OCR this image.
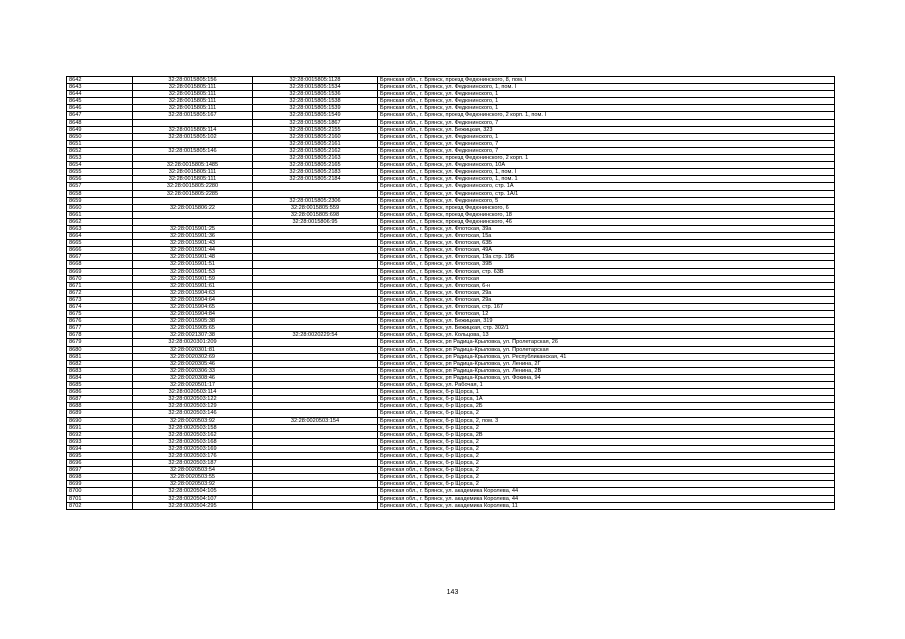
8642	32:28:0015805:156	32:28:0015805:1128	Брянская обл., г. Брянск, проезд Федюнинского, 8, пом. I
8643	32:28:0015805:111	32:28:0015805:1534	Брянская обл., г. Брянск, ул. Федюнинского, 1, пом. I
8644	32:28:0015805:111	32:28:0015805:1536	Брянская обл., г. Брянск, ул. Федюнинского, 1
8645	32:28:0015805:111	32:28:0015805:1538	Брянская обл., г. Брянск, ул. Федюнинского, 1
8646	32:28:0015805:111	32:28:0015805:1539	Брянская обл., г. Брянск, ул. Федюнинского, 1
8647	32:28:0015805:167	32:28:0015805:1549	Брянская обл., г. Брянск, проезд Федюнинского, 2 корп. 1, пом. I
8648		32:28:0015805:1867	Брянская обл., г. Брянск, ул. Федюнинского, 7
8649	32:28:0015805:114	32:28:0015805:2155	Брянская обл., г. Брянск, ул. Бежицкая, 323
8650	32:28:0015805:102	32:28:0015805:2160	Брянская обл., г. Брянск, ул. Федюнинского, 1
8651		32:28:0015805:2161	Брянская обл., г. Брянск, ул. Федюнинского, 7
8652	32:28:0015805:146	32:28:0015805:2162	Брянская обл., г. Брянск, ул. Федюнинского, 7
8653		32:28:0015805:2163	Брянская обл., г. Брянск, проезд Федюнинского, 2 корп. 1
8654	32:28:0015805:1485	32:28:0015805:2165	Брянская обл., г. Брянск, ул. Федюнинского, 10А
8655	32:28:0015805:111	32:28:0015805:2183	Брянская обл., г. Брянск, ул. Федюнинского, 1, пом. I
8656	32:28:0015805:111	32:28:0015805:2184	Брянская обл., г. Брянск, ул. Федюнинского, 1, пом. 1
8657	32:28:0015805:2280		Брянская обл., г. Брянск, ул. Федюнинского, стр. 1А
8658	32:28:0015805:2285		Брянская обл., г. Брянск, ул. Федюнинского, стр. 1А/1
8659		32:28:0015805:2306	Брянская обл., г. Брянск, ул. Федюнинского, 5
8660	32:28:0015806:22	32:28:0015805:559	Брянская обл., г. Брянск, проезд Федюнинского, 6
8661		32:28:0015805:698	Брянская обл., г. Брянск, проезд Федюнинского, 18
8662		32:28:0015806:95	Брянская обл., г. Брянск, проезд Федюнинского, 46
8663	32:28:0015901:25		Брянская обл., г. Брянск, ул. Флотская, 39а
8664	32:28:0015901:36		Брянская обл., г. Брянск, ул. Флотская, 15а
8665	32:28:0015901:43		Брянская обл., г. Брянск, ул. Флотская, 63Б
8666	32:28:0015901:44		Брянская обл., г. Брянск, ул. Флотская, 49А
8667	32:28:0015901:48		Брянская обл., г. Брянск, ул. Флотская, 19а стр. 19Б
8668	32:28:0015901:51		Брянская обл., г. Брянск, ул. Флотская, 39В
8669	32:28:0015901:53		Брянская обл., г. Брянск, ул. Флотская, стр. 63В
8670	32:28:0015901:59		Брянская обл., г. Брянск, ул. Флотская
8671	32:28:0015901:61		Брянская обл., г. Брянск, ул. Флотская, 6-н
8672	32:28:0015904:63		Брянская обл., г. Брянск, ул. Флотская, 29а
8673	32:28:0015904:64		Брянская обл., г. Брянск, ул. Флотская, 29а
8674	32:28:0015904:65		Брянская обл., г. Брянск, ул. Флотская, стр. 167
8675	32:28:0015904:84		Брянская обл., г. Брянск, ул. Флотская, 12
8676	32:28:0015905:38		Брянская обл., г. Брянск, ул. Бежицкая, 319
8677	32:28:0015905:65		Брянская обл., г. Брянск, ул. Бежицкая, стр. 302/1
8678	32:28:0021307:38	32:28:0020229:54	Брянская обл., г. Брянск, ул. Кольцова, 13
8679	32:28:0020301:209		Брянская обл., г. Брянск, рп Радица-Крыловка, ул. Пролетарская, 26
8680	32:28:0020301:81		Брянская обл., г. Брянск, рп Радица-Крыловка, ул. Пролетарская
8681	32:28:0020302:69		Брянская обл., г. Брянск, рп Радица-Крыловка, ул. Республиканская, 41
8682	32:28:0020305:46		Брянская обл., г. Брянск, рп Радица-Крыловка, ул. Ленина, 2Г
8683	32:28:0020306:33		Брянская обл., г. Брянск, рп Радица-Крыловка, ул. Ленина, 2В
8684	32:28:0020308:46		Брянская обл., г. Брянск, рп Радица-Крыловка, ул. Фокина, 94
8685	32:28:0020501:17		Брянская обл., г. Брянск, ул. Рабочая, 1
8686	32:28:0020503:114		Брянская обл., г. Брянск, б-р Щорса, 1
8687	32:28:0020503:122		Брянская обл., г. Брянск, б-р Щорса, 1А
8688	32:28:0020503:129		Брянская обл., г. Брянск, б-р Щорса, 2Б
8689	32:28:0020503:146		Брянская обл., г. Брянск, б-р Щорса, 2
8690	32:28:0020503:92	32:28:0020503:154	Брянская обл., г. Брянск, б-р Щорса, 2, пом. 3
8691	32:28:0020503:158		Брянская обл., г. Брянск, б-р Щорса, 2
8692	32:28:0020503:162		Брянская обл., г. Брянск, б-р Щорса, 2В
8693	32:28:0020503:168		Брянская обл., г. Брянск, б-р Щорса, 2
8694	32:28:0020503:169		Брянская обл., г. Брянск, б-р Щорса, 2
8695	32:28:0020503:176		Брянская обл., г. Брянск, б-р Щорса, 2
8696	32:28:0020503:187		Брянская обл., г. Брянск, б-р Щорса, 2
8697	32:28:0020503:54		Брянская обл., г. Брянск, б-р Щорса, 2
8698	32:28:0020503:55		Брянская обл., г. Брянск, б-р Щорса, 2
8699	32:28:0020503:92		Брянская обл., г. Брянск, б-р Щорса, 2
8700	32:28:0020504:105		Брянская обл., г. Брянск, ул. академика Королева, 44
8701	32:28:0020504:107		Брянская обл., г. Брянск, ул. академика Королева, 44
8702	32:28:0020504:295		Брянская обл., г. Брянск, ул. академика Королева, 11
143
